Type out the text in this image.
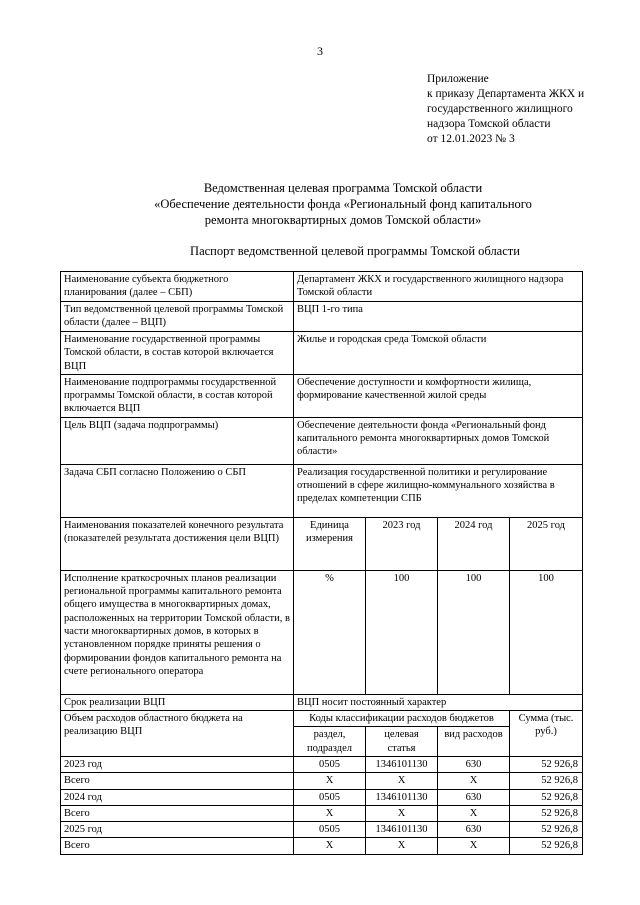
3
Приложение
к приказу Департамента ЖКХ и
государственного жилищного
надзора Томской области
от 12.01.2023 № 3
Ведомственная целевая программа Томской области
«Обеспечение деятельности фонда «Региональный фонд капитального
ремонта многоквартирных домов Томской области»
Паспорт ведомственной целевой программы Томской области
Наименование субъекта бюджетного планирования (далее – СБП)	Департамент ЖКХ и государственного жилищного надзора Томской области			
Тип ведомственной целевой программы Томской области (далее – ВЦП)	ВЦП 1-го типа			
Наименование государственной программы Томской области, в состав которой включается ВЦП	Жилье и городская среда Томской области			
Наименование подпрограммы государственной программы Томской области, в состав которой включается ВЦП	Обеспечение доступности и комфортности жилища, формирование качественной жилой среды			
Цель ВЦП (задача подпрограммы)	Обеспечение деятельности фонда «Региональный фонд капитального ремонта многоквартирных домов Томской области»			
Задача СБП согласно Положению о СБП	Реализация государственной политики и регулирование отношений в сфере жилищно-коммунального хозяйства в пределах компетенции СПБ			
Наименования показателей конечного результата (показателей результата достижения цели ВЦП)	Единица измерения	2023 год	2024 год	2025 год
Исполнение краткосрочных планов реализации региональной программы капитального ремонта общего имущества в многоквартирных домах, расположенных на территории Томской области, в части многоквартирных домов, в которых в установленном порядке приняты решения о формировании фондов капитального ремонта на счете регионального оператора	%	100	100	100
Срок реализации ВЦП	ВЦП носит постоянный характер			
Объем расходов областного бюджета на реализацию ВЦП	Коды классификации расходов бюджетов			Сумма (тыс. руб.)
	раздел, подраздел	целевая статья	вид расходов	
2023 год	0505	1346101130	630	52 926,8
Всего	X	X	X	52 926,8
2024 год	0505	1346101130	630	52 926,8
Всего	X	X	X	52 926,8
2025 год	0505	1346101130	630	52 926,8
Всего	X	X	X	52 926,8
